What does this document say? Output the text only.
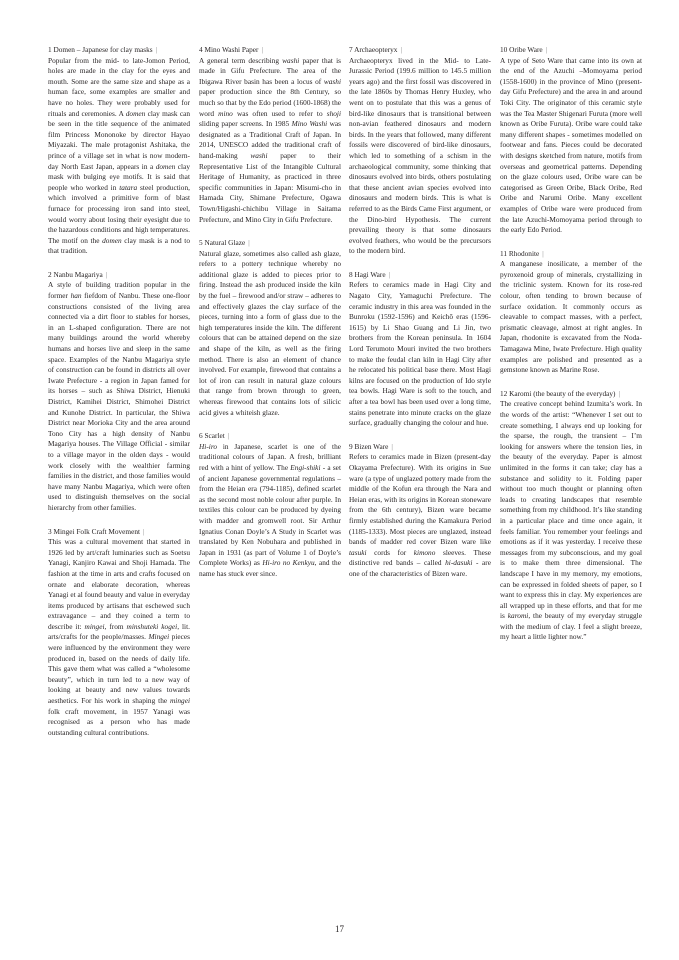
1 Domen – Japanese for clay masks |

Popular from the mid- to late-Jomon Period, holes are made in the clay for the eyes and mouth. Some are the same size and shape as a human face, some examples are smaller and have no holes. They were probably used for rituals and ceremonies. A domen clay mask can be seen in the title sequence of the animated film Princess Mononoke by director Hayao Miyazaki. The male protagonist Ashitaka, the prince of a village set in what is now modern-day North East Japan, appears in a domen clay mask with bulging eye motifs. It is said that people who worked in tatara steel production, which involved a primitive form of blast furnace for processing iron sand into steel, would worry about losing their eyesight due to the hazardous conditions and high temperatures. The motif on the domen clay mask is a nod to that tradition.

2 Nanbu Magariya |

A style of building tradition popular in the former han fiefdom of Nanbu. These one-floor constructions consisted of the living area connected via a dirt floor to stables for horses, in an L-shaped configuration. There are not many buildings around the world whereby humans and horses live and sleep in the same space. Examples of the Nanbu Magariya style of construction can be found in districts all over Iwate Prefecture - a region in Japan famed for its horses – such as Shiwa District, Hienuki District, Kamihei District, Shimohei District and Kunohe District. In particular, the Shiwa District near Morioka City and the area around Tono City has a high density of Nanbu Magariya houses. The Village Official - similar to a village mayor in the olden days - would work closely with the wealthier farming families in the district, and those families would have many Nanbu Magariya, which were often used to distinguish themselves on the social hierarchy from other families.

3 Mingei Folk Craft Movement |

This was a cultural movement that started in 1926 led by art/craft luminaries such as Soetsu Yanagi, Kanjiro Kawai and Shoji Hamada. The fashion at the time in arts and crafts focused on ornate and elaborate decoration, whereas Yanagi et al found beauty and value in everyday items produced by artisans that eschewed such extravagance – and they coined a term to describe it: mingei, from minshuteki kogei, lit. arts/crafts for the people/masses. Mingei pieces were influenced by the environment they were produced in, based on the needs of daily life. This gave them what was called a “wholesome beauty”, which in turn led to a new way of looking at beauty and new values towards aesthetics. For his work in shaping the mingei folk craft movement, in 1957 Yanagi was recognised as a person who has made outstanding cultural contributions.

4 Mino Washi Paper |

A general term describing washi paper that is made in Gifu Prefecture. The area of the Ibigawa River basin has been a locus of washi paper production since the 8th Century, so much so that by the Edo period (1600-1868) the word mino was often used to refer to shoji sliding paper screens. In 1985 Mino Washi was designated as a Traditional Craft of Japan. In 2014, UNESCO added the traditional craft of hand-making washi paper to their Representative List of the Intangible Cultural Heritage of Humanity, as practiced in three specific communities in Japan: Misumi-cho in Hamada City, Shimane Prefecture, Ogawa Town/Higashi-chichibu Village in Saitama Prefecture, and Mino City in Gifu Prefecture.

5 Natural Glaze |

Natural glaze, sometimes also called ash glaze, refers to a pottery technique whereby no additional glaze is added to pieces prior to firing. Instead the ash produced inside the kiln by the fuel – firewood and/or straw – adheres to and effectively glazes the clay surface of the pieces, turning into a form of glass due to the high temperatures inside the kiln. The different colours that can be attained depend on the size and shape of the kiln, as well as the firing method. There is also an element of chance involved. For example, firewood that contains a lot of iron can result in natural glaze colours that range from brown through to green, whereas firewood that contains lots of silicic acid gives a whiteish glaze.

6 Scarlet |

Hi-iro in Japanese, scarlet is one of the traditional colours of Japan. A fresh, brilliant red with a hint of yellow. The Engi-shiki - a set of ancient Japanese governmental regulations – from the Heian era (794-1185), defined scarlet as the second most noble colour after purple. In textiles this colour can be produced by dyeing with madder and gromwell root. Sir Arthur Ignatius Conan Doyle’s A Study in Scarlet was translated by Ken Nobuhara and published in Japan in 1931 (as part of Volume 1 of Doyle’s Complete Works) as Hi-iro no Kenkyu, and the name has stuck ever since.

7 Archaeopteryx |

Archaeopteryx lived in the Mid- to Late-Jurassic Period (199.6 million to 145.5 million years ago) and the first fossil was discovered in the late 1860s by Thomas Henry Huxley, who went on to postulate that this was a genus of bird-like dinosaurs that is transitional between non-avian feathered dinosaurs and modern birds. In the years that followed, many different fossils were discovered of bird-like dinosaurs, which led to something of a schism in the archaeological community, some thinking that dinosaurs evolved into birds, others postulating that these ancient avian species evolved into dinosaurs and modern birds. This is what is referred to as the Birds Came First argument, or the Dino-bird Hypothesis. The current prevailing theory is that some dinosaurs evolved feathers, who would be the precursors to the modern bird.

8 Hagi Ware |

Refers to ceramics made in Hagi City and Nagato City, Yamaguchi Prefecture. The ceramic industry in this area was founded in the Bunroku (1592-1596) and Keichō eras (1596-1615) by Li Shao Guang and Li Jin, two brothers from the Korean peninsula. In 1604 Lord Terumoto Mouri invited the two brothers to make the feudal clan kiln in Hagi City after he relocated his political base there. Most Hagi kilns are focused on the production of Ido style tea bowls. Hagi Ware is soft to the touch, and after a tea bowl has been used over a long time, stains penetrate into minute cracks on the glaze surface, gradually changing the colour and hue.

9 Bizen Ware |

Refers to ceramics made in Bizen (present-day Okayama Prefecture). With its origins in Sue ware (a type of unglazed pottery made from the middle of the Kofun era through the Nara and Heian eras, with its origins in Korean stoneware from the 6th century), Bizen ware became firmly established during the Kamakura Period (1185-1333). Most pieces are unglazed, instead bands of madder red cover Bizen ware like tasuki cords for kimono sleeves. These distinctive red bands – called hi-dasuki - are one of the characteristics of Bizen ware.

10 Oribe Ware |

A type of Seto Ware that came into its own at the end of the Azuchi –Momoyama period (1558-1600) in the province of Mino (present-day Gifu Prefecture) and the area in and around Toki City. The originator of this ceramic style was the Tea Master Shigenari Furuta (more well known as Oribe Furuta). Oribe ware could take many different shapes - sometimes modelled on footwear and fans. Pieces could be decorated with designs sketched from nature, motifs from overseas and geometrical patterns. Depending on the glaze colours used, Oribe ware can be categorised as Green Oribe, Black Oribe, Red Oribe and Narumi Oribe. Many excellent examples of Oribe ware were produced from the late Azuchi-Momoyama period through to the early Edo Period.

11 Rhodonite |

A manganese inosilicate, a member of the pyroxenoid group of minerals, crystallizing in the triclinic system. Known for its rose-red colour, often tending to brown because of surface oxidation. It commonly occurs as cleavable to compact masses, with a perfect, prismatic cleavage, almost at right angles. In Japan, rhodonite is excavated from the Noda-Tamagawa Mine, Iwate Prefecture. High quality examples are polished and presented as a gemstone known as Marine Rose.

12 Karomi (the beauty of the everyday) |

The creative concept behind Izumita’s work. In the words of the artist: “Whenever I set out to create something, I always end up looking for the sparse, the rough, the transient – I’m looking for answers where the tension lies, in the beauty of the everyday. Paper is almost unlimited in the forms it can take; clay has a substance and solidity to it. Folding paper without too much thought or planning often leads to creating landscapes that resemble something from my childhood. It’s like standing in a particular place and time once again, it feels familiar. You remember your feelings and emotions as if it was yesterday. I receive these messages from my subconscious, and my goal is to make them three dimensional. The landscape I have in my memory, my emotions, can be expressed in folded sheets of paper, so I want to express this in clay. My experiences are all wrapped up in these efforts, and that for me is karomi, the beauty of my everyday struggle with the medium of clay. I feel a slight breeze, my heart a little lighter now.”

17
